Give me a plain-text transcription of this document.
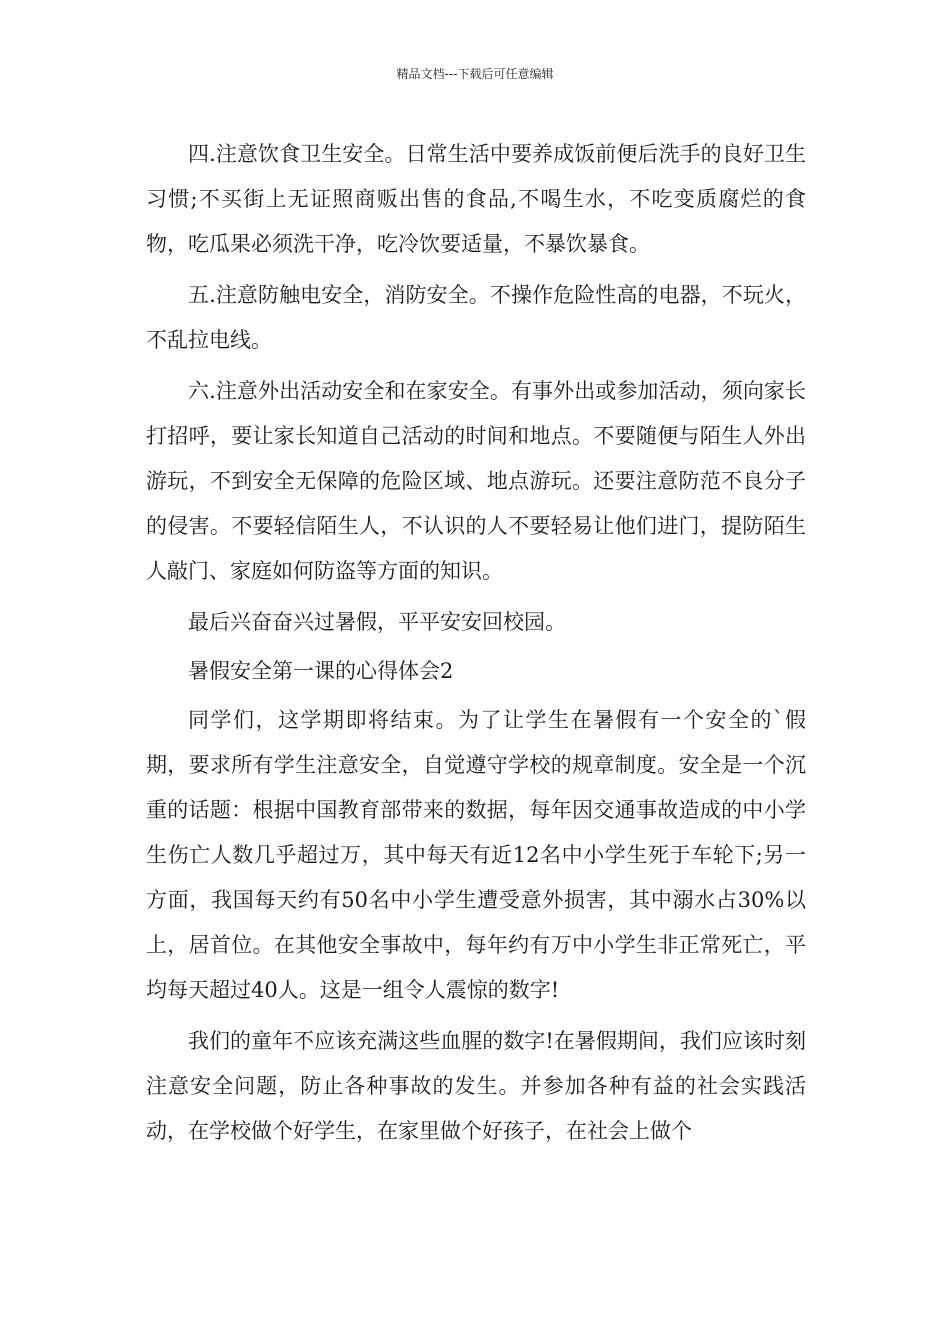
精品文档---下载后可任意编辑

四.注意饮食卫生安全。日常生活中要养成饭前便后洗手的良好卫生习惯;不买街上无证照商贩出售的食品,不喝生水，不吃变质腐烂的食物，吃瓜果必须洗干净，吃冷饮要适量，不暴饮暴食。

五.注意防触电安全，消防安全。不操作危险性高的电器，不玩火，不乱拉电线。

六.注意外出活动安全和在家安全。有事外出或参加活动，须向家长打招呼，要让家长知道自己活动的时间和地点。不要随便与陌生人外出游玩，不到安全无保障的危险区域、地点游玩。还要注意防范不良分子的侵害。不要轻信陌生人，不认识的人不要轻易让他们进门，提防陌生人敲门、家庭如何防盗等方面的知识。

最后兴奋奋兴过暑假，平平安安回校园。

暑假安全第一课的心得体会2

同学们，这学期即将结束。为了让学生在暑假有一个安全的`假期，要求所有学生注意安全，自觉遵守学校的规章制度。安全是一个沉重的话题：根据中国教育部带来的数据，每年因交通事故造成的中小学生伤亡人数几乎超过万，其中每天有近12名中小学生死于车轮下;另一方面，我国每天约有50名中小学生遭受意外损害，其中溺水占30%以上，居首位。在其他安全事故中，每年约有万中小学生非正常死亡，平均每天超过40人。这是一组令人震惊的数字!

我们的童年不应该充满这些血腥的数字!在暑假期间，我们应该时刻注意安全问题，防止各种事故的发生。并参加各种有益的社会实践活动，在学校做个好学生，在家里做个好孩子，在社会上做个
